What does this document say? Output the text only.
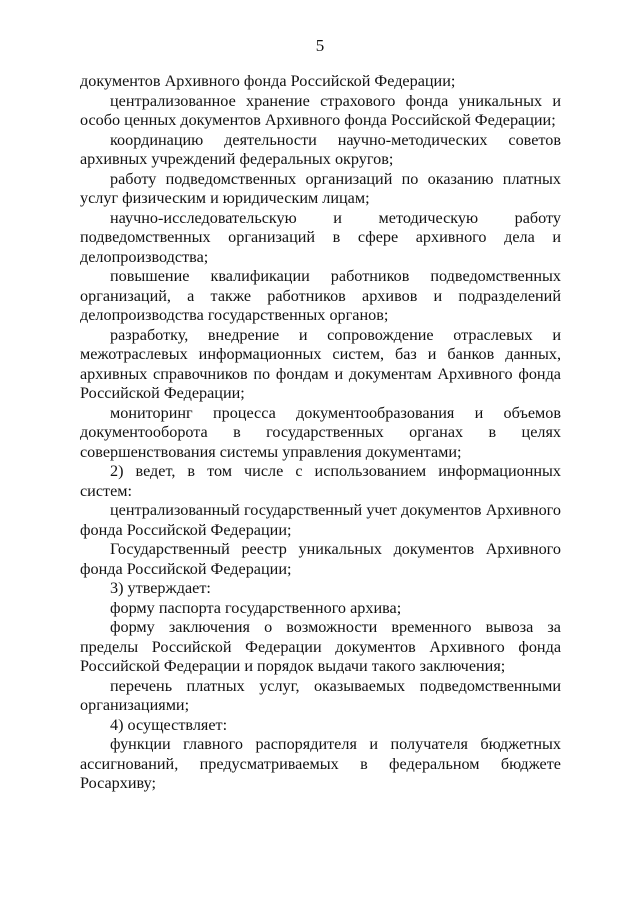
5

документов Архивного фонда Российской Федерации;

централизованное хранение страхового фонда уникальных и особо ценных документов Архивного фонда Российской Федерации;

координацию деятельности научно-методических советов архивных учреждений федеральных округов;

работу подведомственных организаций по оказанию платных услуг физическим и юридическим лицам;

научно-исследовательскую и методическую работу подведомственных организаций в сфере архивного дела и делопроизводства;

повышение квалификации работников подведомственных организаций, а также работников архивов и подразделений делопроизводства государственных органов;

разработку, внедрение и сопровождение отраслевых и межотраслевых информационных систем, баз и банков данных, архивных справочников по фондам и документам Архивного фонда Российской Федерации;

мониторинг процесса документообразования и объемов документооборота в государственных органах в целях совершенствования системы управления документами;

2) ведет, в том числе с использованием информационных систем:

централизованный государственный учет документов Архивного фонда Российской Федерации;

Государственный реестр уникальных документов Архивного фонда Российской Федерации;

3) утверждает:

форму паспорта государственного архива;

форму заключения о возможности временного вывоза за пределы Российской Федерации документов Архивного фонда Российской Федерации и порядок выдачи такого заключения;

перечень платных услуг, оказываемых подведомственными организациями;

4) осуществляет:

функции главного распорядителя и получателя бюджетных ассигнований, предусматриваемых в федеральном бюджете Росархиву;
